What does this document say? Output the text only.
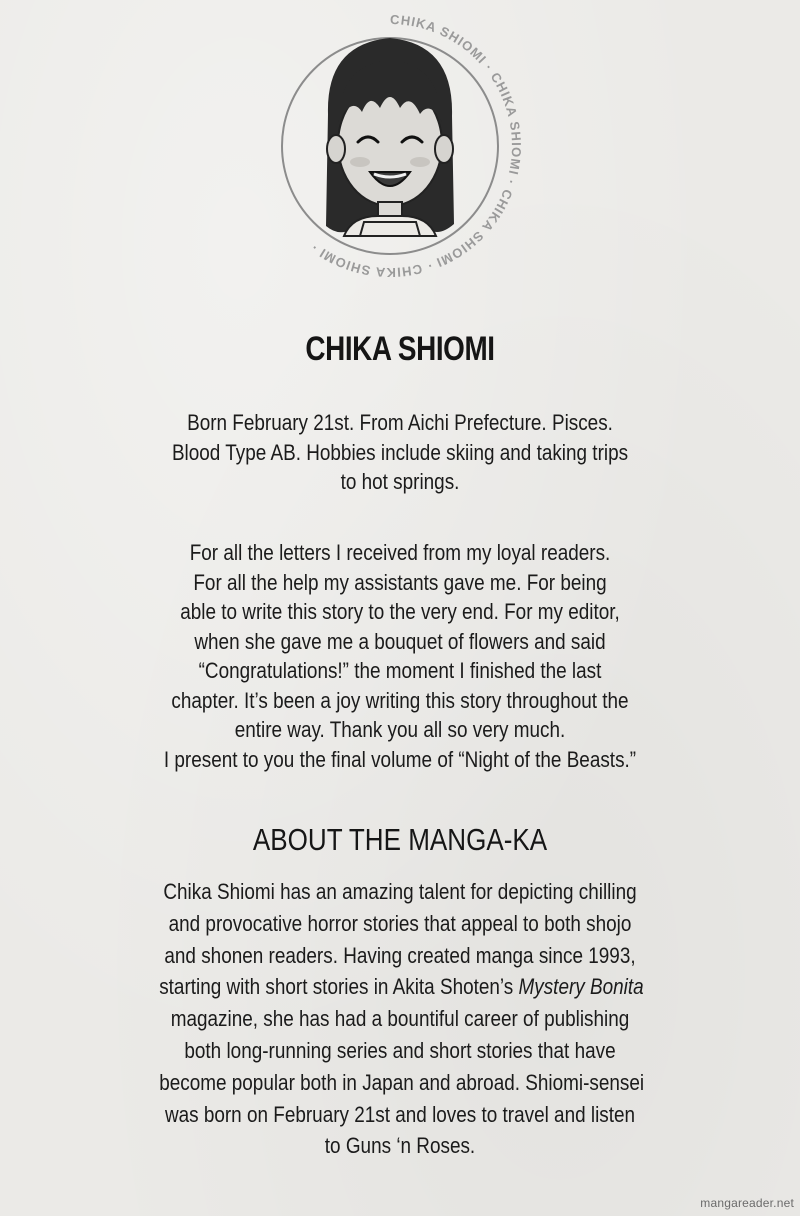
CHIKA SHIOMI · CHIKA SHIOMI · CHIKA SHIOMI · CHIKA SHIOMI ·
CHIKA SHIOMI
Born February 21st. From Aichi Prefecture. Pisces.
Blood Type AB. Hobbies include skiing and taking trips
to hot springs.
For all the letters I received from my loyal readers.
For all the help my assistants gave me. For being
able to write this story to the very end. For my editor,
when she gave me a bouquet of flowers and said
“Congratulations!” the moment I finished the last
chapter. It’s been a joy writing this story throughout the
entire way. Thank you all so very much.
I present to you the final volume of “Night of the Beasts.”
ABOUT THE MANGA-KA
Chika Shiomi has an amazing talent for depicting chilling
and provocative horror stories that appeal to both shojo
and shonen readers. Having created manga since 1993,
starting with short stories in Akita Shoten’s Mystery Bonita
magazine, she has had a bountiful career of publishing
both long-running series and short stories that have
become popular both in Japan and abroad. Shiomi-sensei
was born on February 21st and loves to travel and listen
to Guns ‘n Roses.
mangareader.net
